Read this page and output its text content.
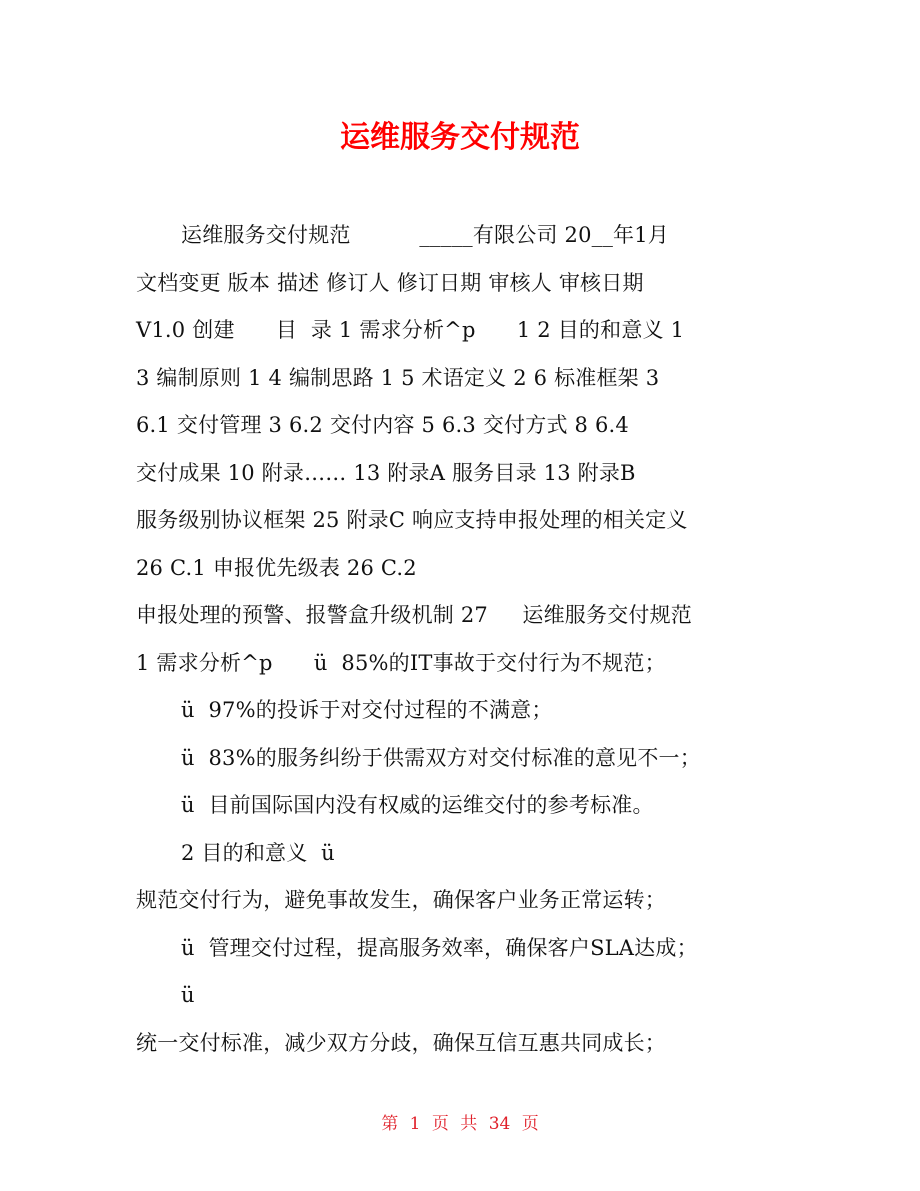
运维服务交付规范
运维服务交付规范          _____有限公司 20__年1月
文档变更 版本 描述 修订人 修订日期 审核人 审核日期
V1.0 创建      目  录 1 需求分析^p      1 2 目的和意义 1
3 编制原则 1 4 编制思路 1 5 术语定义 2 6 标准框架 3
6.1 交付管理 3 6.2 交付内容 5 6.3 交付方式 8 6.4
交付成果 10 附录…… 13 附录A 服务目录 13 附录B
服务级别协议框架 25 附录C 响应支持申报处理的相关定义
26 C.1 申报优先级表 26 C.2
申报处理的预警、报警盒升级机制 27     运维服务交付规范
1 需求分析^p      ü  85%的IT事故于交付行为不规范；
ü  97%的投诉于对交付过程的不满意；
ü  83%的服务纠纷于供需双方对交付标准的意见不一；
ü  目前国际国内没有权威的运维交付的参考标准。
2 目的和意义  ü
规范交付行为，避免事故发生，确保客户业务正常运转；
ü  管理交付过程，提高服务效率，确保客户SLA达成；
ü
统一交付标准，减少双方分歧，确保互信互惠共同成长；
第 1 页 共 34 页
